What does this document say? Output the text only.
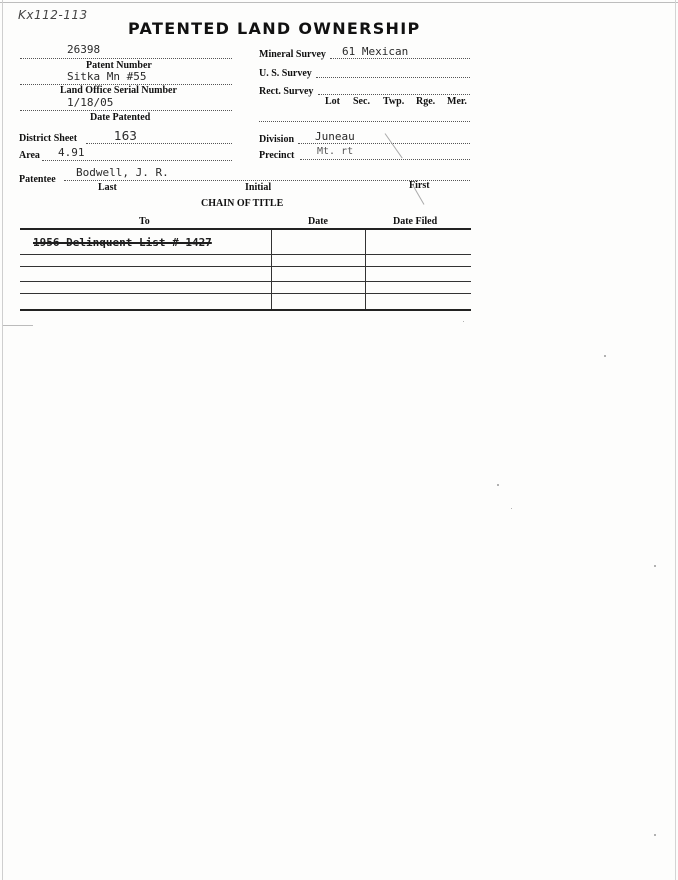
Kx112-113
PATENTED LAND OWNERSHIP
26398
Patent Number
Sitka Mn #55
Land Office Serial Number
1/18/05
Date Patented
District Sheet	163
Area 4.91
Mineral Survey 61 Mexican
U. S. Survey
Rect. Survey
Lot Sec. Twp. Rge. Mer.
Division Juneau
Precinct Mt. rt
Patentee
Bodwell, J. R.
Last	Initial	First
CHAIN OF TITLE
To	Date	Date Filed
1956 Delinquent List # 1427
